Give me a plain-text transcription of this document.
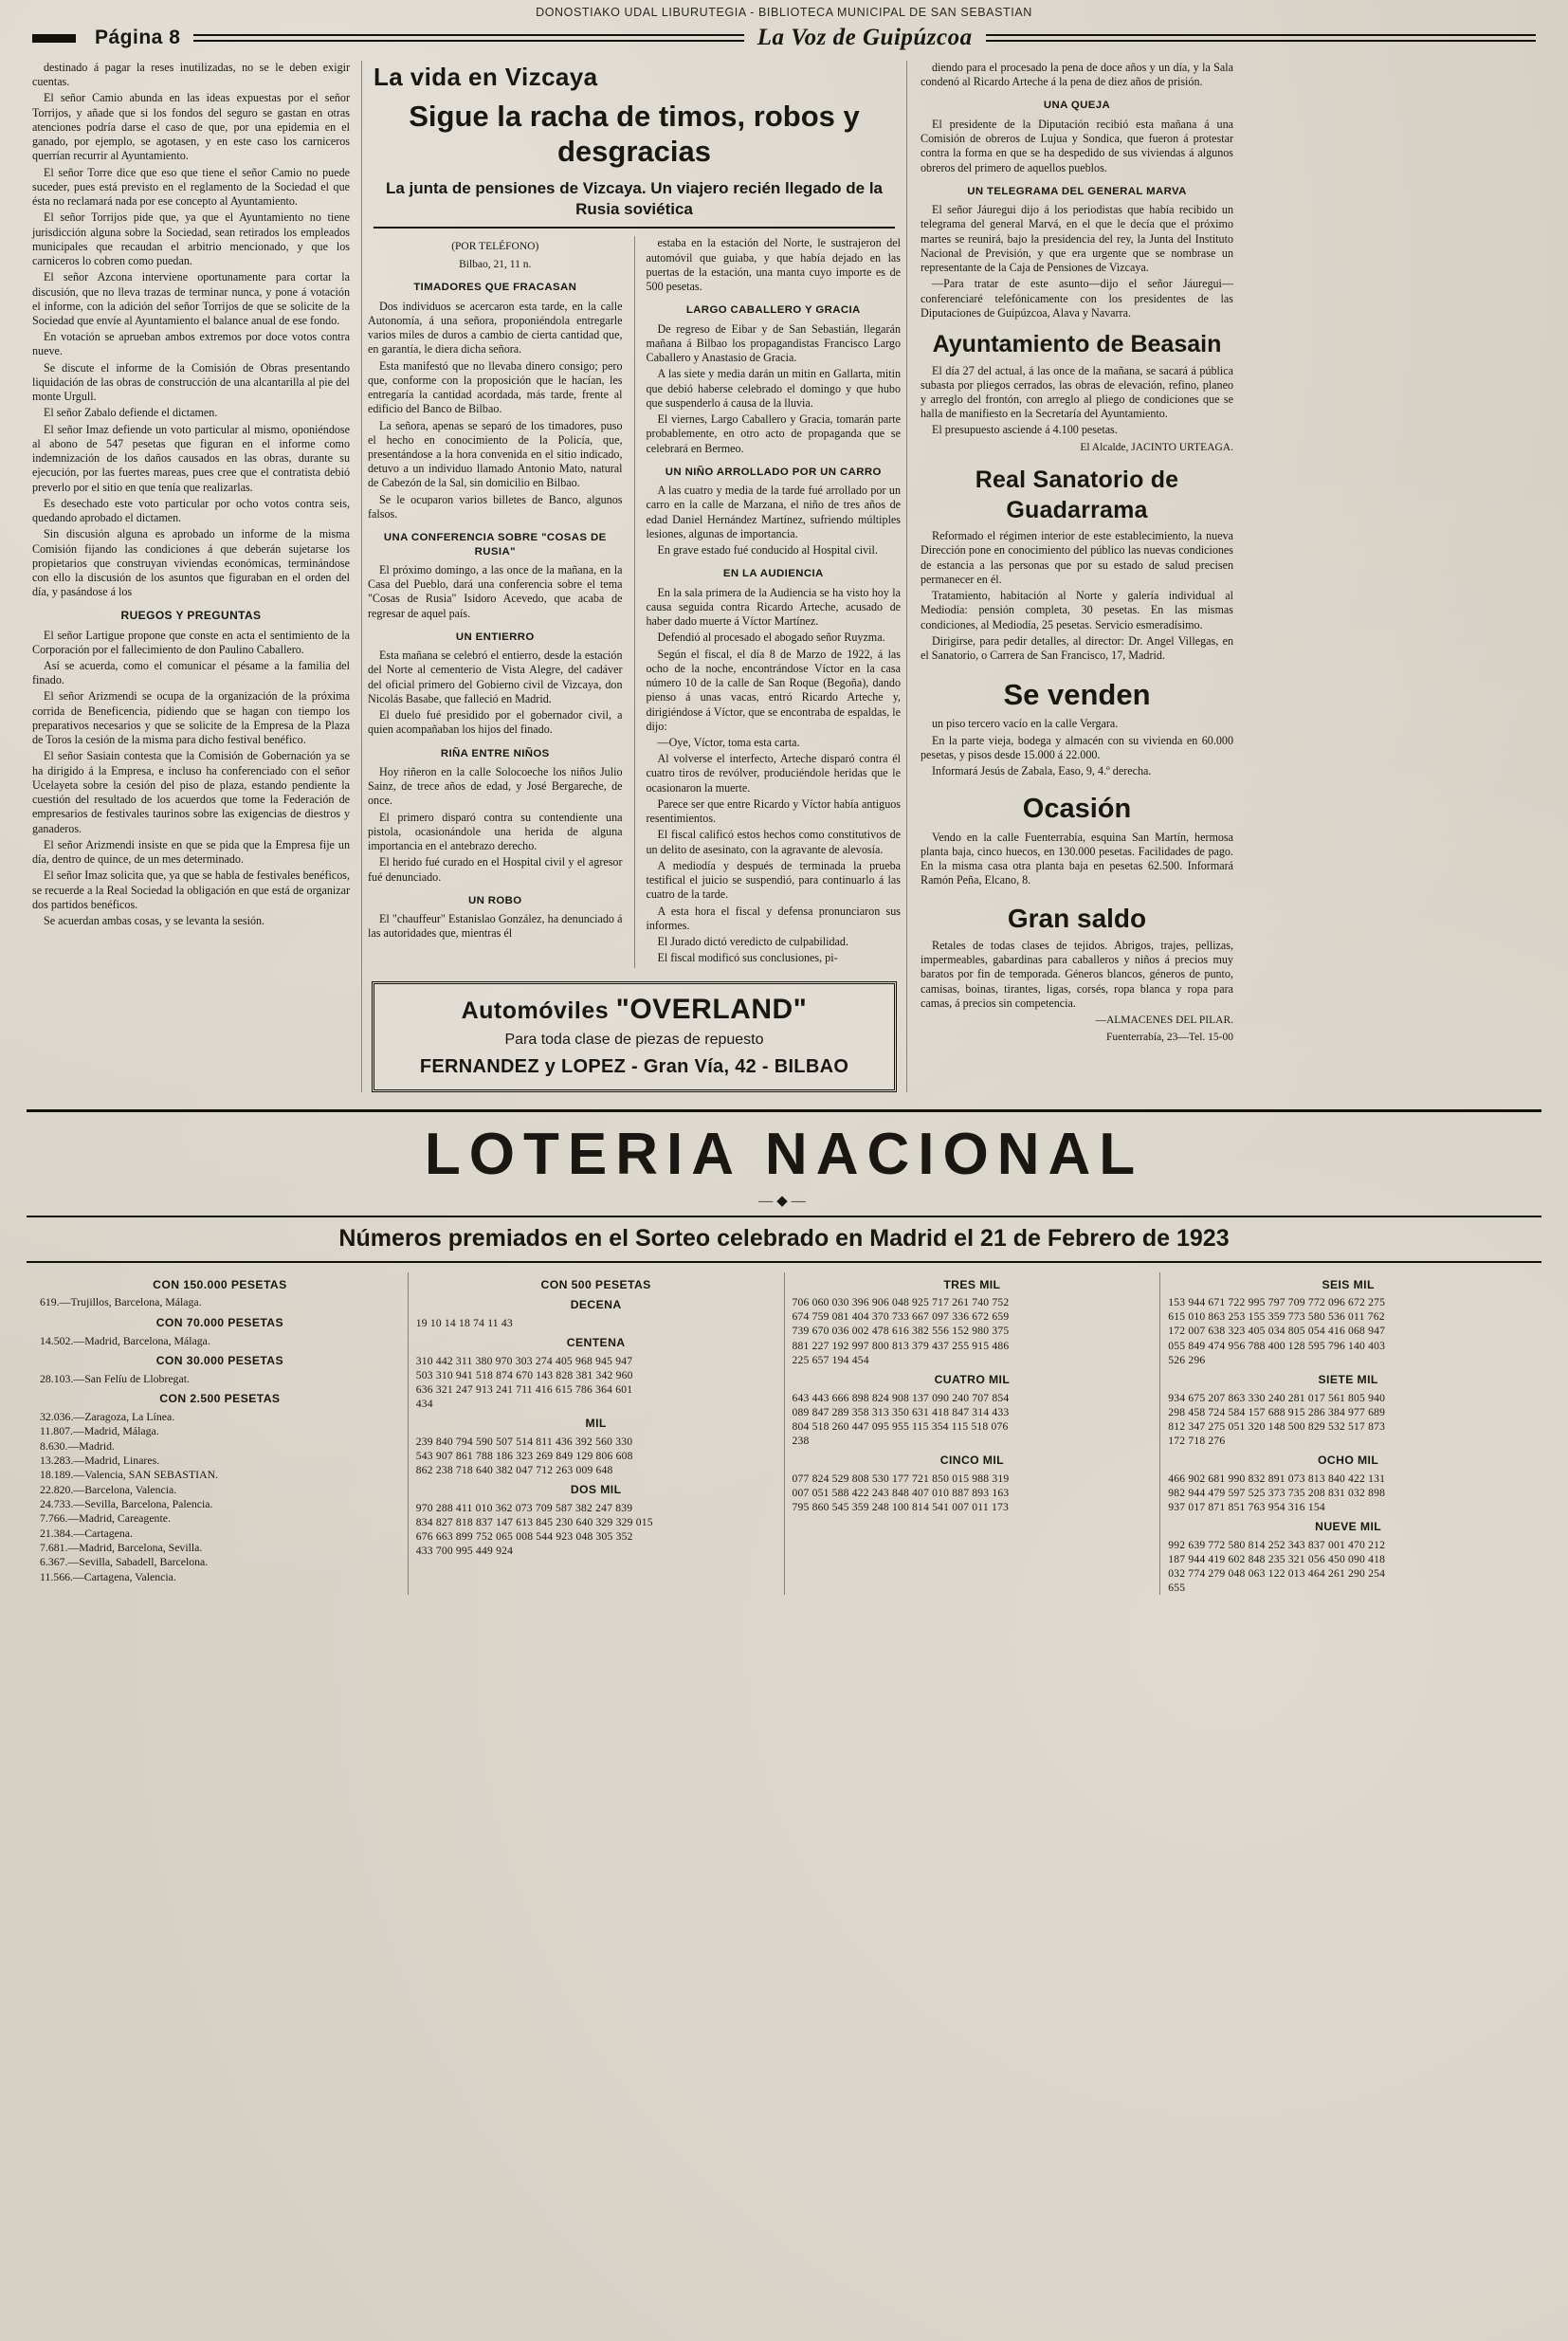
DONOSTIAKO UDAL LIBURUTEGIA - BIBLIOTECA MUNICIPAL DE SAN SEBASTIAN
Página 8	La Voz de Guipúzcoa

destinado á pagar la reses inutilizadas, no se le deben exigir cuentas.

El señor Camio abunda en las ideas expuestas por el señor Torrijos, y añade que si los fondos del seguro se gastan en otras atenciones podría darse el caso de que, por una epidemia en el ganado, por ejemplo, se agotasen, y en este caso los carniceros querrían recurrir al Ayuntamiento.

El señor Torre dice que eso que tiene el señor Camio no puede suceder, pues está previsto en el reglamento de la Sociedad el que ésta no reclamará nada por ese concepto al Ayuntamiento.

El señor Torrijos pide que, ya que el Ayuntamiento no tiene jurisdicción alguna sobre la Sociedad, sean retirados los empleados municipales que recaudan el arbitrio mencionado, y que los carniceros lo cobren como puedan.

El señor Azcona interviene oportunamente para cortar la discusión, que no lleva trazas de terminar nunca, y pone á votación el informe, con la adición del señor Torrijos de que se solicite de la Sociedad que envíe al Ayuntamiento el balance anual de ese fondo.

En votación se aprueban ambos extremos por doce votos contra nueve.

Se discute el informe de la Comisión de Obras presentando liquidación de las obras de construcción de una alcantarilla al pie del monte Urgull.

El señor Zabalo defiende el dictamen.

El señor Imaz defiende un voto particular al mismo, oponiéndose al abono de 547 pesetas que figuran en el informe como indemnización de los daños causados en las obras, durante su ejecución, por las fuertes mareas, pues cree que el contratista debió preverlo por el sitio en que tenía que realizarlas.

Es desechado este voto particular por ocho votos contra seis, quedando aprobado el dictamen.

Sin discusión alguna es aprobado un informe de la misma Comisión fijando las condiciones á que deberán sujetarse los propietarios que construyan viviendas económicas, terminándose con ello la discusión de los asuntos que figuraban en el orden del día, y pasándose á los

RUEGOS Y PREGUNTAS

El señor Lartigue propone que conste en acta el sentimiento de la Corporación por el fallecimiento de don Paulino Caballero.

Así se acuerda, como el comunicar el pésame a la familia del finado.

El señor Arizmendi se ocupa de la organización de la próxima corrida de Beneficencia, pidiendo que se hagan con tiempo los preparativos necesarios y que se solicite de la Empresa de la Plaza de Toros la cesión de la misma para dicho festival benéfico.

El señor Sasiain contesta que la Comisión de Gobernación ya se ha dirigido á la Empresa, e incluso ha conferenciado con el señor Ucelayeta sobre la cesión del piso de plaza, estando pendiente la cuestión del resultado de los acuerdos que tome la Federación de empresarios de festivales taurinos sobre las exigencias de diestros y ganaderos.

El señor Arizmendi insiste en que se pida que la Empresa fije un día, dentro de quince, de un mes determinado.

El señor Imaz solicita que, ya que se habla de festivales benéficos, se recuerde a la Real Sociedad la obligación en que está de organizar dos partidos benéficos.

Se acuerdan ambas cosas, y se levanta la sesión.

La vida en Vizcaya
Sigue la racha de timos, robos y desgracias
La junta de pensiones de Vizcaya. Un viajero recién llegado de la Rusia soviética
(POR TELÉFONO)
Bilbao, 21, 11 n.
TIMADORES QUE FRACASAN

Dos individuos se acercaron esta tarde, en la calle Autonomía, á una señora, proponiéndola entregarle varios miles de duros a cambio de cierta cantidad que, en garantía, le diera dicha señora.

Esta manifestó que no llevaba dinero consigo; pero que, conforme con la proposición que le hacían, les entregaría la cantidad acordada, más tarde, frente al edificio del Banco de Bilbao.

La señora, apenas se separó de los timadores, puso el hecho en conocimiento de la Policía, que, presentándose a la hora convenida en el sitio indicado, detuvo a un individuo llamado Antonio Mato, natural de Cabezón de la Sal, sin domicilio en Bilbao.

Se le ocuparon varios billetes de Banco, algunos falsos.

UNA CONFERENCIA SOBRE "COSAS DE RUSIA"

El próximo domingo, a las once de la mañana, en la Casa del Pueblo, dará una conferencia sobre el tema "Cosas de Rusia" Isidoro Acevedo, que acaba de regresar de aquel país.

UN ENTIERRO

Esta mañana se celebró el entierro, desde la estación del Norte al cementerio de Vista Alegre, del cadáver del oficial primero del Gobierno civil de Vizcaya, don Nicolás Basabe, que falleció en Madrid.

El duelo fué presidido por el gobernador civil, a quien acompañaban los hijos del finado.

RIÑA ENTRE NIÑOS

Hoy riñeron en la calle Solocoeche los niños Julio Sainz, de trece años de edad, y José Bergareche, de once.

El primero disparó contra su contendiente una pistola, ocasionándole una herida de alguna importancia en el antebrazo derecho.

El herido fué curado en el Hospital civil y el agresor fué denunciado.

UN ROBO

El "chauffeur" Estanislao González, ha denunciado á las autoridades que, mientras él

estaba en la estación del Norte, le sustrajeron del automóvil que guiaba, y que había dejado en las puertas de la estación, una manta cuyo importe es de 500 pesetas.

LARGO CABALLERO Y GRACIA

De regreso de Eibar y de San Sebastián, llegarán mañana á Bilbao los propagandistas Francisco Largo Caballero y Anastasio de Gracia.

A las siete y media darán un mitin en Gallarta, mitin que debió haberse celebrado el domingo y que hubo que suspenderlo á causa de la lluvia.

El viernes, Largo Caballero y Gracia, tomarán parte probablemente, en otro acto de propaganda que se celebrará en Bermeo.

UN NIÑO ARROLLADO POR UN CARRO

A las cuatro y media de la tarde fué arrollado por un carro en la calle de Marzana, el niño de tres años de edad Daniel Hernández Martínez, sufriendo múltiples lesiones, algunas de importancia.

En grave estado fué conducido al Hospital civil.

EN LA AUDIENCIA

En la sala primera de la Audiencia se ha visto hoy la causa seguida contra Ricardo Arteche, acusado de haber dado muerte á Víctor Martínez.

Defendió al procesado el abogado señor Ruyzma.

Según el fiscal, el día 8 de Marzo de 1922, á las ocho de la noche, encontrándose Víctor en la casa número 10 de la calle de San Roque (Begoña), dando pienso á unas vacas, entró Ricardo Arteche y, dirigiéndose á Víctor, que se encontraba de espaldas, le dijo:

—Oye, Víctor, toma esta carta.

Al volverse el interfecto, Arteche disparó contra él cuatro tiros de revólver, produciéndole heridas que le ocasionaron la muerte.

Parece ser que entre Ricardo y Víctor había antiguos resentimientos.

El fiscal calificó estos hechos como constitutivos de un delito de asesinato, con la agravante de alevosía.

A mediodía y después de terminada la prueba testifical el juicio se suspendió, para continuarlo á las cuatro de la tarde.

A esta hora el fiscal y defensa pronunciaron sus informes.

El Jurado dictó veredicto de culpabilidad.

El fiscal modificó sus conclusiones, pi-

Automóviles "OVERLAND"
Para toda clase de piezas de repuesto
FERNANDEZ y LOPEZ - Gran Vía, 42 - BILBAO

diendo para el procesado la pena de doce años y un día, y la Sala condenó al Ricardo Arteche á la pena de diez años de prisión.

UNA QUEJA

El presidente de la Diputación recibió esta mañana á una Comisión de obreros de Lujua y Sondica, que fueron á protestar contra la forma en que se ha despedido de sus viviendas á algunos obreros del primero de aquellos pueblos.

UN TELEGRAMA DEL GENERAL MARVA

El señor Jáuregui dijo á los periodistas que había recibido un telegrama del general Marvá, en el que le decía que el próximo martes se reunirá, bajo la presidencia del rey, la Junta del Instituto Nacional de Previsión, y que era urgente que se nombrase un representante de la Caja de Pensiones de Vizcaya.

—Para tratar de este asunto—dijo el señor Jáuregui—conferenciaré telefónicamente con los presidentes de las Diputaciones de Guipúzcoa, Alava y Navarra.

Ayuntamiento de Beasain

El día 27 del actual, á las once de la mañana, se sacará á pública subasta por pliegos cerrados, las obras de elevación, refino, planeo y arreglo del frontón, con arreglo al pliego de condiciones que se halla de manifiesto en la Secretaría del Ayuntamiento.

El presupuesto asciende á 4.100 pesetas.

El Alcalde, JACINTO URTEAGA.
Real Sanatorio de Guadarrama

Reformado el régimen interior de este establecimiento, la nueva Dirección pone en conocimiento del público las nuevas condiciones de estancia a las personas que por su estado de salud precisen permanecer en él.

Tratamiento, habitación al Norte y galería individual al Mediodía: pensión completa, 30 pesetas. En las mismas condiciones, al Mediodía, 25 pesetas. Servicio esmeradísimo.

Dirigirse, para pedir detalles, al director: Dr. Angel Villegas, en el Sanatorio, o Carrera de San Francisco, 17, Madrid.

Se venden

un piso tercero vacío en la calle Vergara.

En la parte vieja, bodega y almacén con su vivienda en 60.000 pesetas, y pisos desde 15.000 á 22.000.

Informará Jesús de Zabala, Easo, 9, 4.º derecha.

Ocasión

Vendo en la calle Fuenterrabía, esquina San Martín, hermosa planta baja, cinco huecos, en 130.000 pesetas. Facilidades de pago. En la misma casa otra planta baja en pesetas 62.500. Informará Ramón Peña, Elcano, 8.

Gran saldo

Retales de todas clases de tejidos. Abrigos, trajes, pellizas, impermeables, gabardinas para caballeros y niños á precios muy baratos por fin de temporada. Géneros blancos, géneros de punto, camisas, boinas, tirantes, ligas, corsés, ropa blanca y ropa para camas, á precios sin competencia.

—ALMACENES DEL PILAR.
Fuenterrabía, 23—Tel. 15-00
LOTERIA NACIONAL
—◆—
Números premiados en el Sorteo celebrado en Madrid el 21 de Febrero de 1923
CON 150.000 PESETAS
619.—Trujillos, Barcelona, Málaga.
CON 70.000 PESETAS
14.502.—Madrid, Barcelona, Málaga.
CON 30.000 PESETAS
28.103.—San Felíu de Llobregat.
CON 2.500 PESETAS
32.036.—Zaragoza, La Línea.
11.807.—Madrid, Málaga.
8.630.—Madrid.
13.283.—Madrid, Linares.
18.189.—Valencia, SAN SEBASTIAN.
22.820.—Barcelona, Valencia.
24.733.—Sevilla, Barcelona, Palencia.
7.766.—Madrid, Careagente.
21.384.—Cartagena.
7.681.—Madrid, Barcelona, Sevilla.
6.367.—Sevilla, Sabadell, Barcelona.
11.566.—Cartagena, Valencia.
CON 500 PESETAS
DECENA
19 10 14 18 74 11 43
CENTENA
310 442 311 380 970 303 274 405 968 945 947
503 310 941 518 874 670 143 828 381 342 960
636 321 247 913 241 711 416 615 786 364 601
434
MIL
239 840 794 590 507 514 811 436 392 560 330
543 907 861 788 186 323 269 849 129 806 608
862 238 718 640 382 047 712 263 009 648
DOS MIL
970 288 411 010 362 073 709 587 382 247 839
834 827 818 837 147 613 845 230 640 329 329 015
676 663 899 752 065 008 544 923 048 305 352
433 700 995 449 924
TRES MIL
706 060 030 396 906 048 925 717 261 740 752
674 759 081 404 370 733 667 097 336 672 659
739 670 036 002 478 616 382 556 152 980 375
881 227 192 997 800 813 379 437 255 915 486
225 657 194 454
CUATRO MIL
643 443 666 898 824 908 137 090 240 707 854
089 847 289 358 313 350 631 418 847 314 433
804 518 260 447 095 955 115 354 115 518 076
238
CINCO MIL
077 824 529 808 530 177 721 850 015 988 319
007 051 588 422 243 848 407 010 887 893 163
795 860 545 359 248 100 814 541 007 011 173
SEIS MIL
153 944 671 722 995 797 709 772 096 672 275
615 010 863 253 155 359 773 580 536 011 762
172 007 638 323 405 034 805 054 416 068 947
055 849 474 956 788 400 128 595 796 140 403
526 296
SIETE MIL
934 675 207 863 330 240 281 017 561 805 940
298 458 724 584 157 688 915 286 384 977 689
812 347 275 051 320 148 500 829 532 517 873
172 718 276
OCHO MIL
466 902 681 990 832 891 073 813 840 422 131
982 944 479 597 525 373 735 208 831 032 898
937 017 871 851 763 954 316 154
NUEVE MIL
992 639 772 580 814 252 343 837 001 470 212
187 944 419 602 848 235 321 056 450 090 418
032 774 279 048 063 122 013 464 261 290 254
655
